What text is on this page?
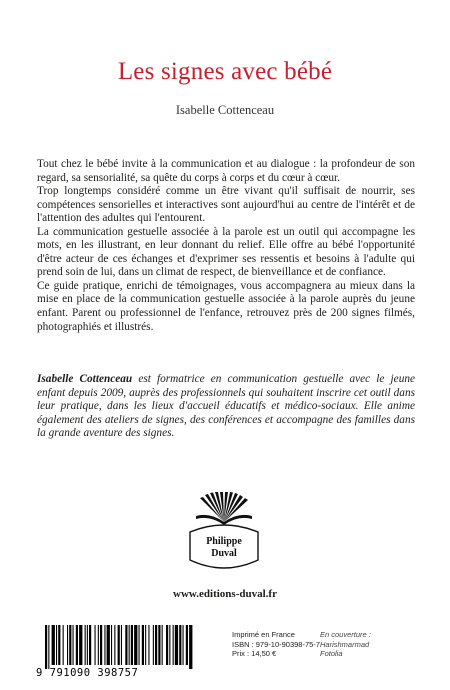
Les signes avec bébé
Isabelle Cottenceau

Tout chez le bébé invite à la communication et au dialogue : la profondeur de son regard, sa sensorialité, sa quête du corps à corps et du cœur à cœur.

Trop longtemps considéré comme un être vivant qu'il suffisait de nourrir, ses compétences sensorielles et interactives sont aujourd'hui au centre de l'intérêt et de l'attention des adultes qui l'entourent.

La communication gestuelle associée à la parole est un outil qui accompagne les mots, en les illustrant, en leur donnant du relief. Elle offre au bébé l'opportunité d'être acteur de ces échanges et d'exprimer ses ressentis et besoins à l'adulte qui prend soin de lui, dans un climat de respect, de bienveillance et de confiance.

Ce guide pratique, enrichi de témoignages, vous accompagnera au mieux dans la mise en place de la communication gestuelle associée à la parole auprès du jeune enfant. Parent ou professionnel de l'enfance, retrouvez près de 200 signes filmés, photographiés et illustrés.

Isabelle Cottenceau est formatrice en communication gestuelle avec le jeune enfant depuis 2009, auprès des professionnels qui souhaitent inscrire cet outil dans leur pratique, dans les lieux d'accueil éducatifs et médico-sociaux. Elle anime également des ateliers de signes, des conférences et accompagne des familles dans la grande aventure des signes.
Philippe
Duval
www.editions-duval.fr
9 791090 398757
Imprimé en France
ISBN : 979-10-90398-75-7
Prix : 14,50 €
En couverture :
Harishmarmad
Fotolia
